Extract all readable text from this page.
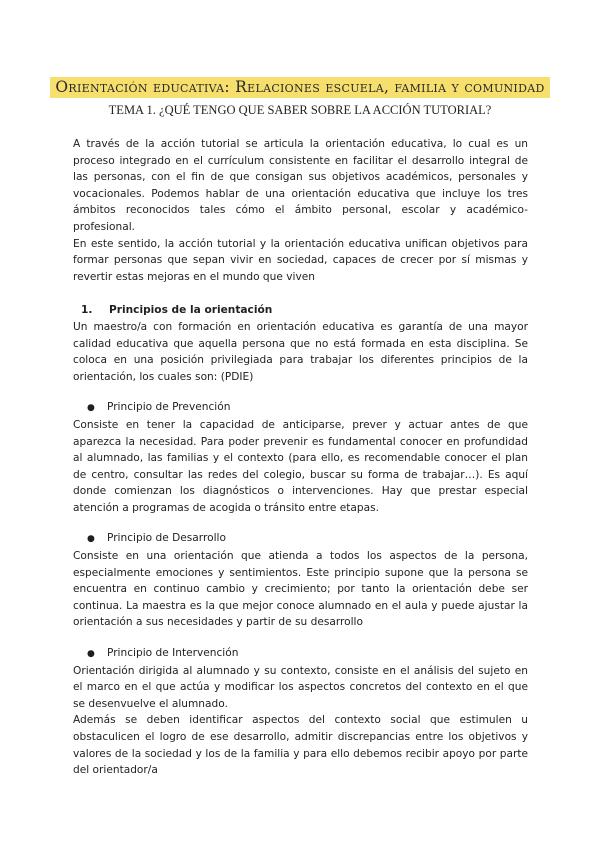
Orientación educativa: Relaciones escuela, familia y comunidad
TEMA 1. ¿QUÉ TENGO QUE SABER SOBRE LA ACCIÓN TUTORIAL?

A través de la acción tutorial se articula la orientación educativa, lo cual es un proceso integrado en el currículum consistente en facilitar el desarrollo integral de las personas, con el fin de que consigan sus objetivos académicos, personales y vocacionales. Podemos hablar de una orientación educativa que incluye los tres ámbitos reconocidos tales cómo el ámbito personal, escolar y académico-profesional.

En este sentido, la acción tutorial y la orientación educativa unifican objetivos para formar personas que sepan vivir en sociedad, capaces de crecer por sí mismas y revertir estas mejoras en el mundo que viven

1.	Principios de la orientación

Un maestro/a con formación en orientación educativa es garantía de una mayor calidad educativa que aquella persona que no está formada en esta disciplina. Se coloca en una posición privilegiada para trabajar los diferentes principios de la orientación, los cuales son: (PDIE)

●	Principio de Prevención

Consiste en tener la capacidad de anticiparse, prever y actuar antes de que aparezca la necesidad. Para poder prevenir es fundamental conocer en profundidad al alumnado, las familias y el contexto (para ello, es recomendable conocer el plan de centro, consultar las redes del colegio, buscar su forma de trabajar…). Es aquí donde comienzan los diagnósticos o intervenciones. Hay que prestar especial atención a programas de acogida o tránsito entre etapas.

●	Principio de Desarrollo

Consiste en una orientación que atienda a todos los aspectos de la persona, especialmente emociones y sentimientos. Este principio supone que la persona se encuentra en continuo cambio y crecimiento; por tanto la orientación debe ser continua. La maestra es la que mejor conoce alumnado en el aula y puede ajustar la orientación a sus necesidades y partir de su desarrollo

●	Principio de Intervención

Orientación dirigida al alumnado y su contexto, consiste en el análisis del sujeto en el marco en el que actúa y modificar los aspectos concretos del contexto en el que se desenvuelve el alumnado.

Además se deben identificar aspectos del contexto social que estimulen u obstaculicen el logro de ese desarrollo, admitir discrepancias entre los objetivos y valores de la sociedad y los de la familia y para ello debemos recibir apoyo por parte del orientador/a
